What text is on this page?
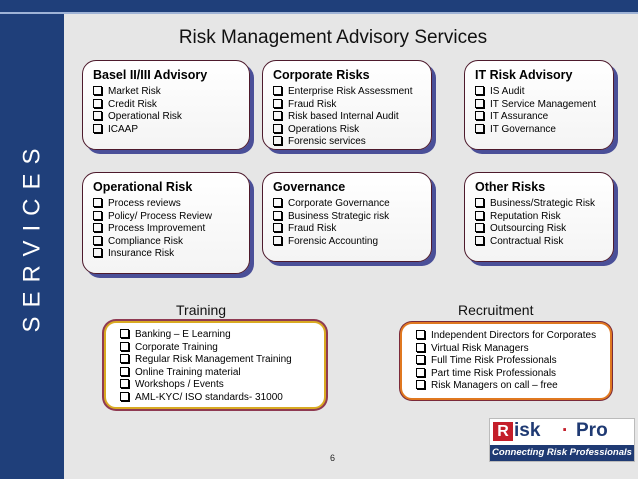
SERVICES
Risk Management Advisory Services
Basel II/III Advisory
Market Risk
Credit Risk
Operational Risk
ICAAP
Corporate Risks
Enterprise Risk Assessment
Fraud Risk
Risk based Internal Audit
Operations Risk
Forensic services
IT Risk Advisory
IS Audit
IT Service Management
IT Assurance
IT Governance
Operational Risk
Process reviews
Policy/ Process Review
Process Improvement
Compliance Risk
Insurance Risk
Governance
Corporate Governance
Business Strategic risk
Fraud Risk
Forensic Accounting
Other Risks
Business/Strategic Risk
Reputation Risk
Outsourcing Risk
Contractual Risk
Training	Recruitment
Banking – E Learning
Corporate Training
Regular Risk Management Training
Online Training material
Workshops / Events
AML-KYC/ ISO standards- 31000
Independent Directors for Corporates
Virtual Risk Managers
Full Time Risk Professionals
Part time Risk Professionals
Risk Managers on call – free
6
R isk · Pro
Connecting Risk Professionals
